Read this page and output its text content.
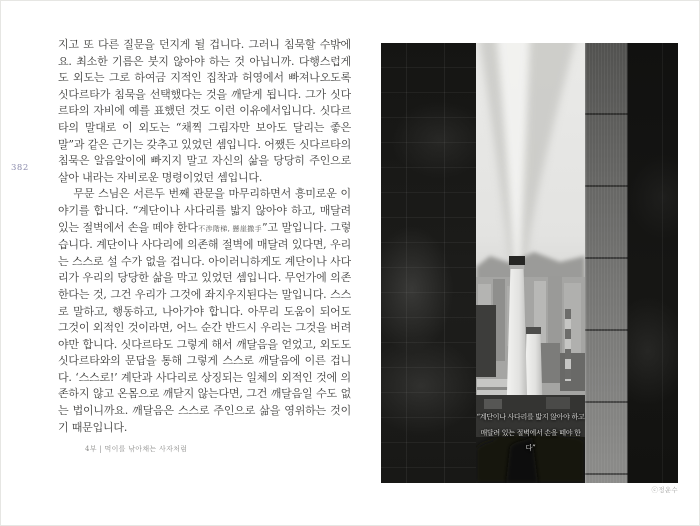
382

지고 또 다른 질문을 던지게 될 겁니다. 그러니 침묵할 수밖에요. 최소한 기름은 붓지 않아야 하는 것 아닙니까. 다행스럽게도 외도는 그로 하여금 지적인 집착과 허영에서 빠져나오도록 싯다르타가 침묵을 선택했다는 것을 깨닫게 됩니다. 그가 싯다르타의 자비에 예를 표했던 것도 이런 이유에서입니다. 싯다르타의 말대로 이 외도는 “채찍 그림자만 보아도 달리는 좋은 말”과 같은 근기는 갖추고 있었던 셈입니다. 어쨌든 싯다르타의 침묵은 알음알이에 빠지지 말고 자신의 삶을 당당히 주인으로 살아 내라는 자비로운 명령이었던 셈입니다.

무문 스님은 서른두 번째 관문을 마무리하면서 흥미로운 이야기를 합니다. “계단이나 사다리를 밟지 않아야 하고, 매달려 있는 절벽에서 손을 떼야 한다不渉階梯, 懸崖撒手”고 말입니다. 그렇습니다. 계단이나 사다리에 의존해 절벽에 매달려 있다면, 우리는 스스로 설 수가 없을 겁니다. 아이러니하게도 계단이나 사다리가 우리의 당당한 삶을 막고 있었던 셈입니다. 무언가에 의존한다는 것, 그건 우리가 그것에 좌지우지된다는 말입니다. 스스로 말하고, 행동하고, 나아가야 합니다. 아무리 도움이 되어도 그것이 외적인 것이라면, 어느 순간 반드시 우리는 그것을 버려야만 합니다. 싯다르타도 그렇게 해서 깨달음을 얻었고, 외도도 싯다르타와의 문답을 통해 그렇게 스스로 깨달음에 이른 겁니다. ‘스스로!’ 계단과 사다리로 상징되는 일체의 외적인 것에 의존하지 않고 온몸으로 깨닫지 않는다면, 그건 깨달음일 수도 없는 법이니까요. 깨달음은 스스로 주인으로 삶을 영위하는 것이기 때문입니다.

4부 | 먹이를 낚아채는 사자처럼
“계단이나 사다리를 밟지 않아야 하고
매달려 있는 절벽에서 손을 떼야 한다”
ⓒ정운수
